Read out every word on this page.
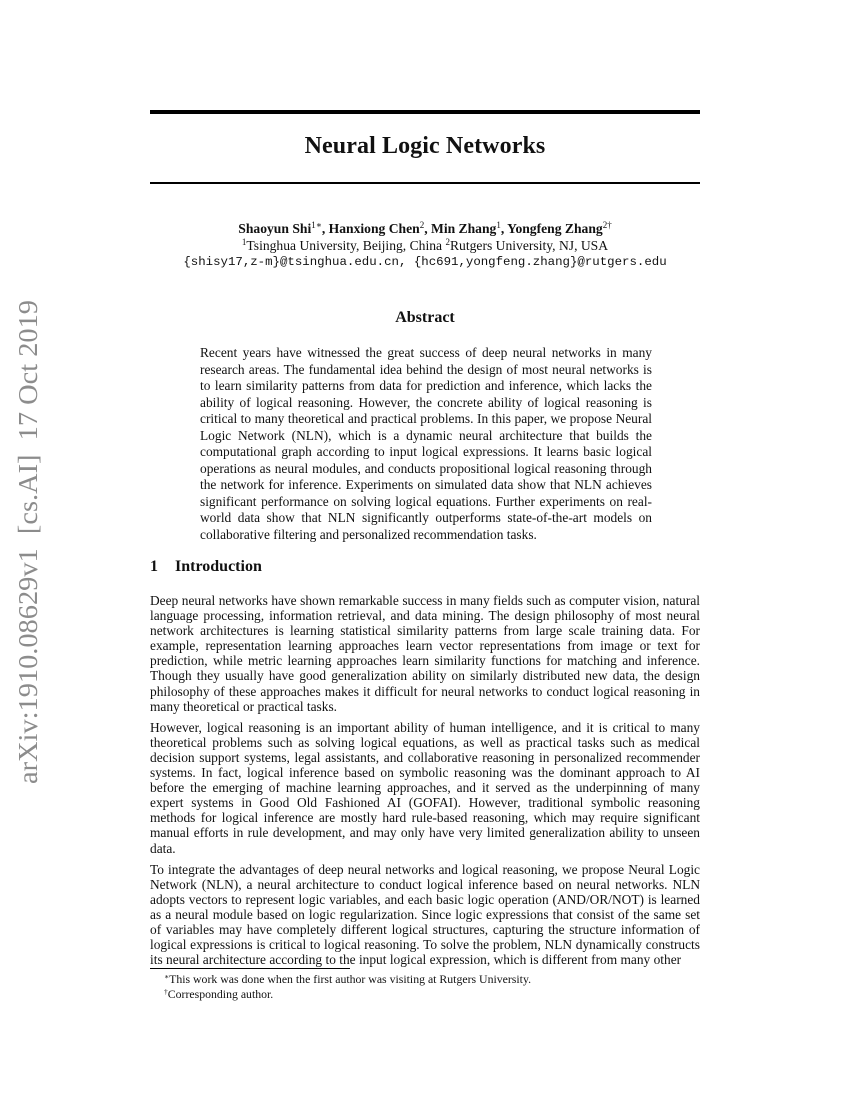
Neural Logic Networks
Shaoyun Shi$^{1∗}$, Hanxiong Chen$^2$, Min Zhang$^1$, Yongfeng Zhang$^{2\dagger}$
$^1$Tsinghua University, Beijing, China $^2$Rutgers University, NJ, USA
{shisy17,z-m}@tsinghua.edu.cn, {hc691,yongfeng.zhang}@rutgers.edu
Abstract

Recent years have witnessed the great success of deep neural networks in many research areas. The fundamental idea behind the design of most neural networks is to learn similarity patterns from data for prediction and inference, which lacks the ability of logical reasoning. However, the concrete ability of logical reasoning is critical to many theoretical and practical problems. In this paper, we propose Neural Logic Network (NLN), which is a dynamic neural architecture that builds the computational graph according to input logical expressions. It learns basic logical operations as neural modules, and conducts propositional logical reasoning through the network for inference. Experiments on simulated data show that NLN achieves significant performance on solving logical equations. Further experiments on real-world data show that NLN significantly outperforms state-of-the-art models on collaborative filtering and personalized recommendation tasks.

1 Introduction

Deep neural networks have shown remarkable success in many fields such as computer vision, natural language processing, information retrieval, and data mining. The design philosophy of most neural network architectures is learning statistical similarity patterns from large scale training data. For example, representation learning approaches learn vector representations from image or text for prediction, while metric learning approaches learn similarity functions for matching and inference. Though they usually have good generalization ability on similarly distributed new data, the design philosophy of these approaches makes it difficult for neural networks to conduct logical reasoning in many theoretical or practical tasks.

However, logical reasoning is an important ability of human intelligence, and it is critical to many theoretical problems such as solving logical equations, as well as practical tasks such as medical decision support systems, legal assistants, and collaborative reasoning in personalized recommender systems. In fact, logical inference based on symbolic reasoning was the dominant approach to AI before the emerging of machine learning approaches, and it served as the underpinning of many expert systems in Good Old Fashioned AI (GOFAI). However, traditional symbolic reasoning methods for logical inference are mostly hard rule-based reasoning, which may require significant manual efforts in rule development, and may only have very limited generalization ability to unseen data.

To integrate the advantages of deep neural networks and logical reasoning, we propose Neural Logic Network (NLN), a neural architecture to conduct logical inference based on neural networks. NLN adopts vectors to represent logic variables, and each basic logic operation (AND/OR/NOT) is learned as a neural module based on logic regularization. Since logic expressions that consist of the same set of variables may have completely different logical structures, capturing the structure information of logical expressions is critical to logical reasoning. To solve the problem, NLN dynamically constructs its neural architecture according to the input logical expression, which is different from many other

∗This work was done when the first author was visiting at Rutgers University.
†Corresponding author.
arXiv:1910.08629v1  [cs.AI]  17 Oct 2019
